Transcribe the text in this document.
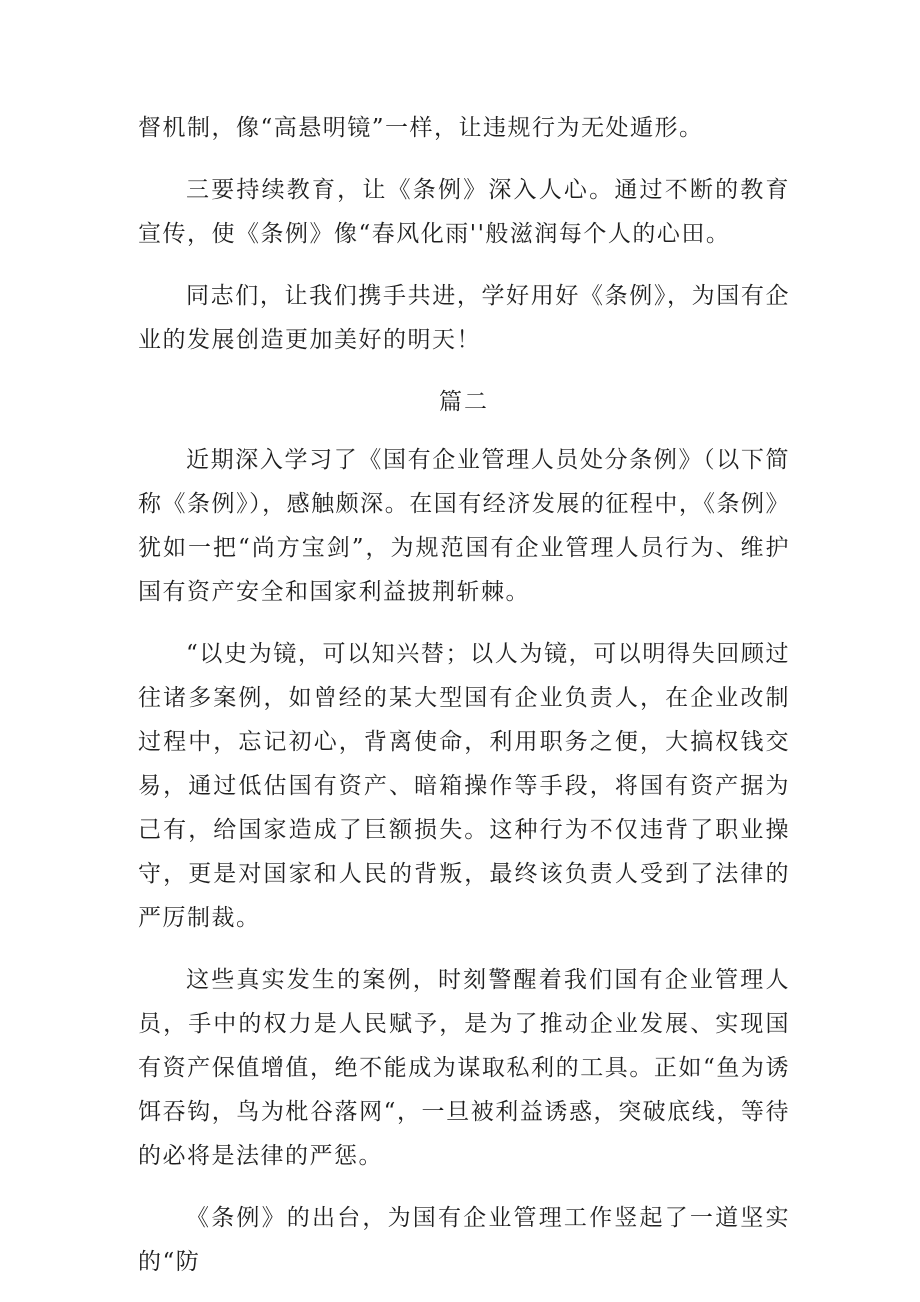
督机制，像“高悬明镜”一样，让违规行为无处遁形。

三要持续教育，让《条例》深入人心。通过不断的教育宣传，使《条例》像“春风化雨''般滋润每个人的心田。

同志们，让我们携手共进，学好用好《条例》，为国有企业的发展创造更加美好的明天！

篇二

近期深入学习了《国有企业管理人员处分条例》（以下简称《条例》），感触颇深。在国有经济发展的征程中，《条例》犹如一把“尚方宝剑”，为规范国有企业管理人员行为、维护国有资产安全和国家利益披荆斩棘。

“以史为镜，可以知兴替；以人为镜，可以明得失回顾过往诸多案例，如曾经的某大型国有企业负责人，在企业改制过程中，忘记初心，背离使命，利用职务之便，大搞权钱交易，通过低估国有资产、暗箱操作等手段，将国有资产据为己有，给国家造成了巨额损失。这种行为不仅违背了职业操守，更是对国家和人民的背叛，最终该负责人受到了法律的严厉制裁。

这些真实发生的案例，时刻警醒着我们国有企业管理人员，手中的权力是人民赋予，是为了推动企业发展、实现国有资产保值增值，绝不能成为谋取私利的工具。正如“鱼为诱饵吞钩，鸟为枇谷落网“，一旦被利益诱惑，突破底线，等待的必将是法律的严惩。

《条例》的出台，为国有企业管理工作竖起了一道坚实的“防
